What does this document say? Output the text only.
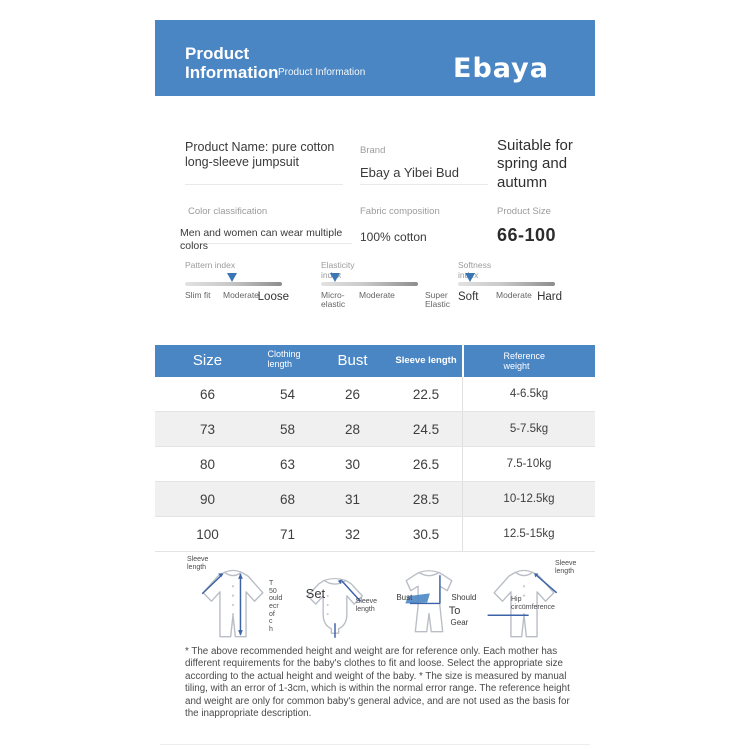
Product
Information Product Information	Ebaya
Product Name: pure cotton long-sleeve jumpsuit
Brand
Ebay a Yibei Bud
Suitable for spring and autumn
Color classification
Men and women can wear multiple colors
Fabric composition
100% cotton
Product Size
66-100
Pattern index
Slim fit Moderate
Loose
Elasticity
index
Micro-elastic
Moderate	Super Elastic
Softness
index
Soft Moderate Hard
Size	Clothing length	Bust	Sleeve length	Reference weight
66	54	26	22.5	4-6.5kg
73	58	28	24.5	5-7.5kg
80	63	30	26.5	7.5-10kg
90	68	31	28.5	10-12.5kg
100	71	32	30.5	12.5-15kg
Sleeve length
T
50
ould
ecr
of
c
h
Set
Sleeve length
Bust	Should
To
Gear
Sleeve length
Hip circumference
* The above recommended height and weight are for reference only. Each mother has different requirements for the baby's clothes to fit and loose. Select the appropriate size according to the actual height and weight of the baby. * The size is measured by manual tiling, with an error of 1-3cm, which is within the normal error range. The reference height and weight are only for common baby's general advice, and are not used as the basis for the inappropriate description.
